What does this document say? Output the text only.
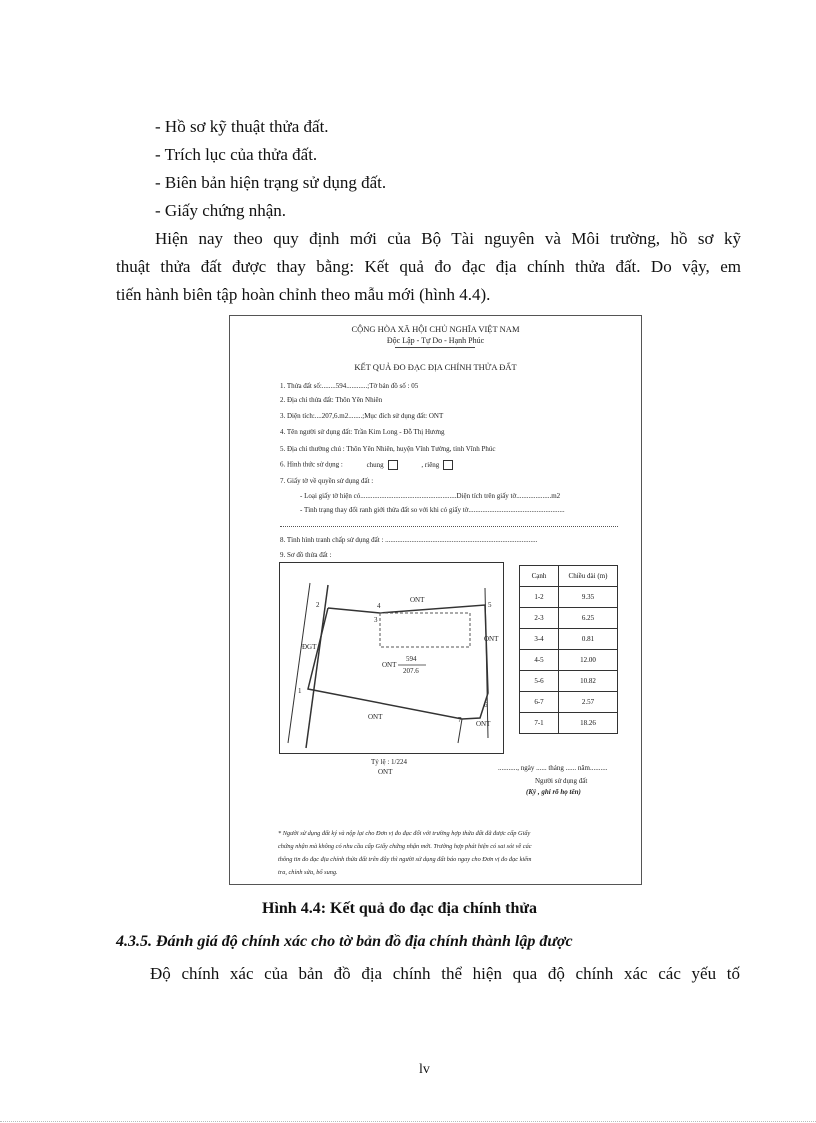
- Hồ sơ kỹ thuật thửa đất.
- Trích lục của thửa đất.
- Biên bản hiện trạng sử dụng đất.
- Giấy chứng nhận.
Hiện nay theo quy định mới của Bộ Tài nguyên và Môi trường, hồ sơ kỹ
thuật thửa đất được thay bằng: Kết quả đo đạc địa chính thửa đất. Do vậy, em
tiến hành biên tập hoàn chỉnh theo mẫu mới (hình 4.4).
CỘNG HÒA XÃ HỘI CHỦ NGHĨA VIỆT NAM
Độc Lập - Tự Do - Hạnh Phúc
KẾT QUẢ ĐO ĐẠC ĐỊA CHÍNH THỬA ĐẤT
1. Thửa đất số:........594............;Tờ bản đồ số : 05
2. Địa chỉ thửa đất: Thôn Yên Nhiên
3. Diện tích:....207,6.m2........;Mục đích sử dụng đất: ONT
4. Tên người sử dụng đất: Trần Kim Long - Đỗ Thị Hương
5. Địa chỉ thường chú : Thôn Yên Nhiên, huyện Vĩnh Tường, tỉnh Vĩnh Phúc
6. Hình thức sử dụng :	chung	, riêng
7. Giấy tờ về quyền sử dụng đất :
- Loại giấy tờ hiện có.......................................................Diện tích trên giấy tờ....................m2
- Tình trạng thay đổi ranh giới thửa đất so với khi có giấy tờ.......................................................
8. Tình hình tranh chấp sử dụng đất : .......................................................................................
9. Sơ đồ thửa đất :
2	4	5
3
1
6
7
ONT
ONT
ONT
594
207.6
ONT
ONT
ĐGT
Tỷ lệ : 1/224
ONT
Cạnh	Chiều dài (m)
1-2	9.35
2-3	6.25
3-4	0.81
4-5	12.00
5-6	10.82
6-7	2.57
7-1	18.26
..........., ngày ...... tháng ...... năm..........
Người sử dụng đất
(Ký , ghi rõ họ tên)
* Người sử dụng đất ký và nộp lại cho Đơn vị đo đạc đối với trường hợp thửa đất đã được cấp Giấy
chứng nhận mà không có nhu cầu cấp Giấy chứng nhận mới. Trường hợp phát hiện có sai sót về các
thông tin đo đạc địa chính thửa đất trên đây thì người sử dụng đất báo ngay cho Đơn vị đo đạc kiểm
tra, chỉnh sửa, bổ sung.
Hình 4.4: Kết quả đo đạc địa chính thửa
4.3.5. Đánh giá độ chính xác cho tờ bản đồ địa chính thành lập được
Độ chính xác của bản đồ địa chính thể hiện qua độ chính xác các yếu tố
lv
